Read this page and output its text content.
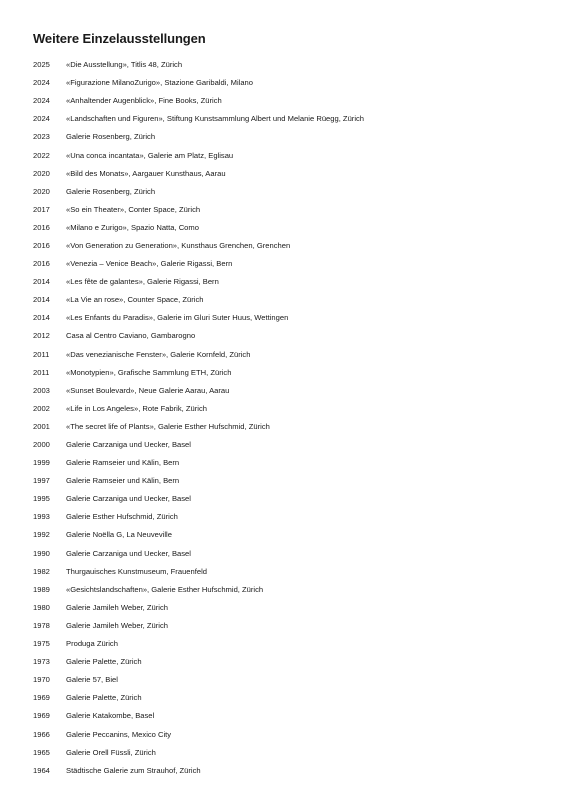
Weitere Einzelausstellungen
2025	«Die Ausstellung», Titlis 48, Zürich
2024	«Figurazione MilanoZurigo», Stazione Garibaldi, Milano
2024	«Anhaltender Augenblick», Fine Books, Zürich
2024	«Landschaften und Figuren», Stiftung Kunstsammlung Albert und Melanie Rüegg, Zürich
2023	Galerie Rosenberg, Zürich
2022	«Una conca incantata», Galerie am Platz, Eglisau
2020	«Bild des Monats», Aargauer Kunsthaus, Aarau
2020	Galerie Rosenberg, Zürich
2017	«So ein Theater», Conter Space, Zürich
2016	«Milano e Zurigo», Spazio Natta, Como
2016	«Von Generation zu Generation», Kunsthaus Grenchen, Grenchen
2016	«Venezia – Venice Beach», Galerie Rigassi, Bern
2014	«Les fête de galantes», Galerie Rigassi, Bern
2014	«La Vie an rose», Counter Space, Zürich
2014	«Les Enfants du Paradis», Galerie im Gluri Suter Huus, Wettingen
2012	Casa al Centro Caviano, Gambarogno
2011	«Das venezianische Fenster», Galerie Kornfeld, Zürich
2011	«Monotypien», Grafische Sammlung ETH, Zürich
2003	«Sunset Boulevard», Neue Galerie Aarau, Aarau
2002	«Life in Los Angeles», Rote Fabrik, Zürich
2001	«The secret life of Plants», Galerie Esther Hufschmid, Zürich
2000	Galerie Carzaniga und Uecker, Basel
1999	Galerie Ramseier und Kälin, Bern
1997	Galerie Ramseier und Kälin, Bern
1995	Galerie Carzaniga und Uecker, Basel
1993	Galerie Esther Hufschmid, Zürich
1992	Galerie Noëlla G, La Neuveville
1990	Galerie Carzaniga und Uecker, Basel
1982	Thurgauisches Kunstmuseum, Frauenfeld
1989	«Gesichtslandschaften», Galerie Esther Hufschmid, Zürich
1980	Galerie Jamileh Weber, Zürich
1978	Galerie Jamileh Weber, Zürich
1975	Produga Zürich
1973	Galerie Palette, Zürich
1970	Galerie 57, Biel
1969	Galerie Palette, Zürich
1969	Galerie Katakombe, Basel
1966	Galerie Peccanins, Mexico City
1965	Galerie Orell Füssli, Zürich
1964	Städtische Galerie zum Strauhof, Zürich
